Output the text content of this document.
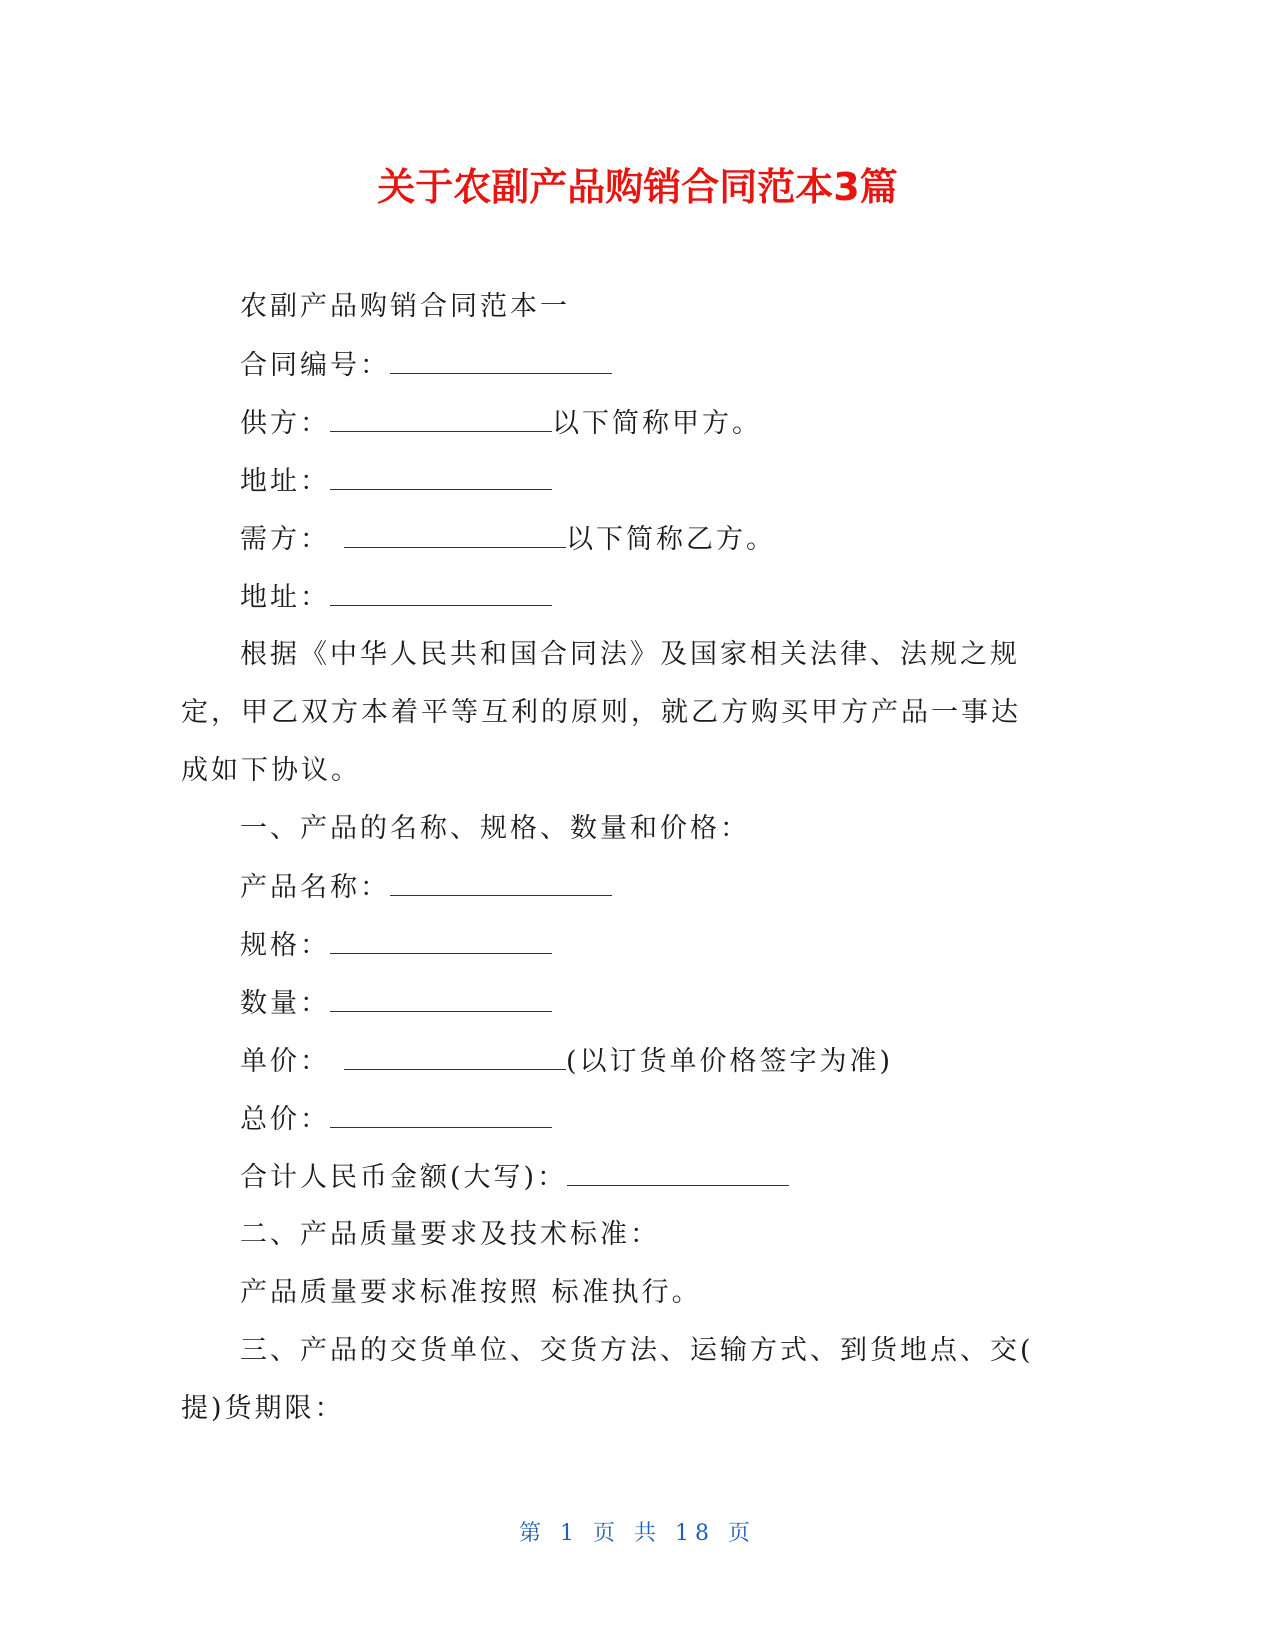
关于农副产品购销合同范本3篇
农副产品购销合同范本一
合同编号：
供方：	以下简称甲方。
地址：
需方：	以下简称乙方。
地址：
根据《中华人民共和国合同法》及国家相关法律、法规之规
定，甲乙双方本着平等互利的原则，就乙方购买甲方产品一事达
成如下协议。
一、产品的名称、规格、数量和价格：
产品名称：
规格：
数量：
单价：	(以订货单价格签字为准)
总价：
合计人民币金额(大写)：
二、产品质量要求及技术标准：
产品质量要求标准按照 标准执行。
三、产品的交货单位、交货方法、运输方式、到货地点、交(
提)货期限：
第 1 页 共 18 页
